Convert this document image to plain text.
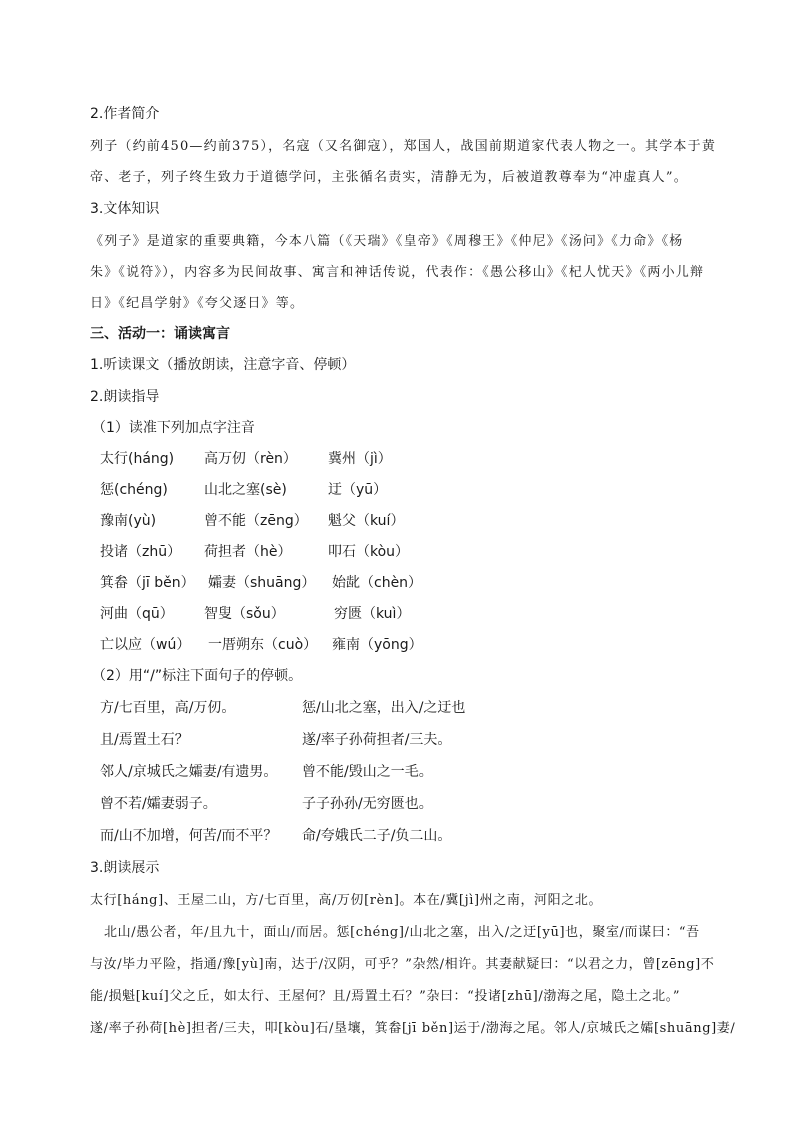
2.作者简介
列子（约前450—约前375），名寇（又名御寇），郑国人，战国前期道家代表人物之一。其学本于黄
帝、老子，列子终生致力于道德学问，主张循名责实，清静无为，后被道教尊奉为“冲虚真人”。
3.文体知识
《列子》是道家的重要典籍，今本八篇（《天瑞》《皇帝》《周穆王》《仲尼》《汤问》《力命》《杨
朱》《说符》），内容多为民间故事、寓言和神话传说，代表作：《愚公移山》《杞人忧天》《两小儿辩
日》《纪昌学射》《夸父逐日》等。
三、活动一：诵读寓言
1.听读课文（播放朗读，注意字音、停顿）
2.朗读指导
（1）读准下列加点字注音
太行(háng) 高万仞（rèn） 冀州（jì）
惩(chéng)	山北之塞(sè)	迂（yū）
豫南(yù)	曾不能（zēng） 魁父（kuí）
投诸（zhū） 荷担者（hè）	叩石（kòu）
箕畚（jī běn） 孀妻（shuāng） 始龀（chèn）
河曲（qū） 智叟（sǒu）	穷匮（kuì）
亡以应（wú） 一厝朔东（cuò） 雍南（yōng）
（2）用“/”标注下面句子的停顿。
方/七百里，高/万仞。	惩/山北之塞，出入/之迂也
且/焉置土石？	遂/率子孙荷担者/三夫。
邻人/京城氏之孀妻/有遗男。 曾不能/毁山之一毛。
曾不若/孀妻弱子。	子子孙孙/无穷匮也。
而/山不加增，何苦/而不平？ 命/夸娥氏二子/负二山。
3.朗读展示
太行[háng]、王屋二山，方/七百里，高/万仞[rèn]。本在/冀[jì]州之南，河阳之北。
北山/愚公者，年/且九十，面山/而居。惩[chéng]/山北之塞，出入/之迂[yū]也，聚室/而谋曰：“吾
与汝/毕力平险，指通/豫[yù]南，达于/汉阴，可乎？”杂然/相许。其妻献疑曰：“以君之力，曾[zēng]不
能/损魁[kuí]父之丘，如太行、王屋何？且/焉置土石？”杂曰：“投诸[zhū]/渤海之尾，隐土之北。”
遂/率子孙荷[hè]担者/三夫，叩[kòu]石/垦壤，箕畚[jī běn]运于/渤海之尾。邻人/京城氏之孀[shuāng]妻/
